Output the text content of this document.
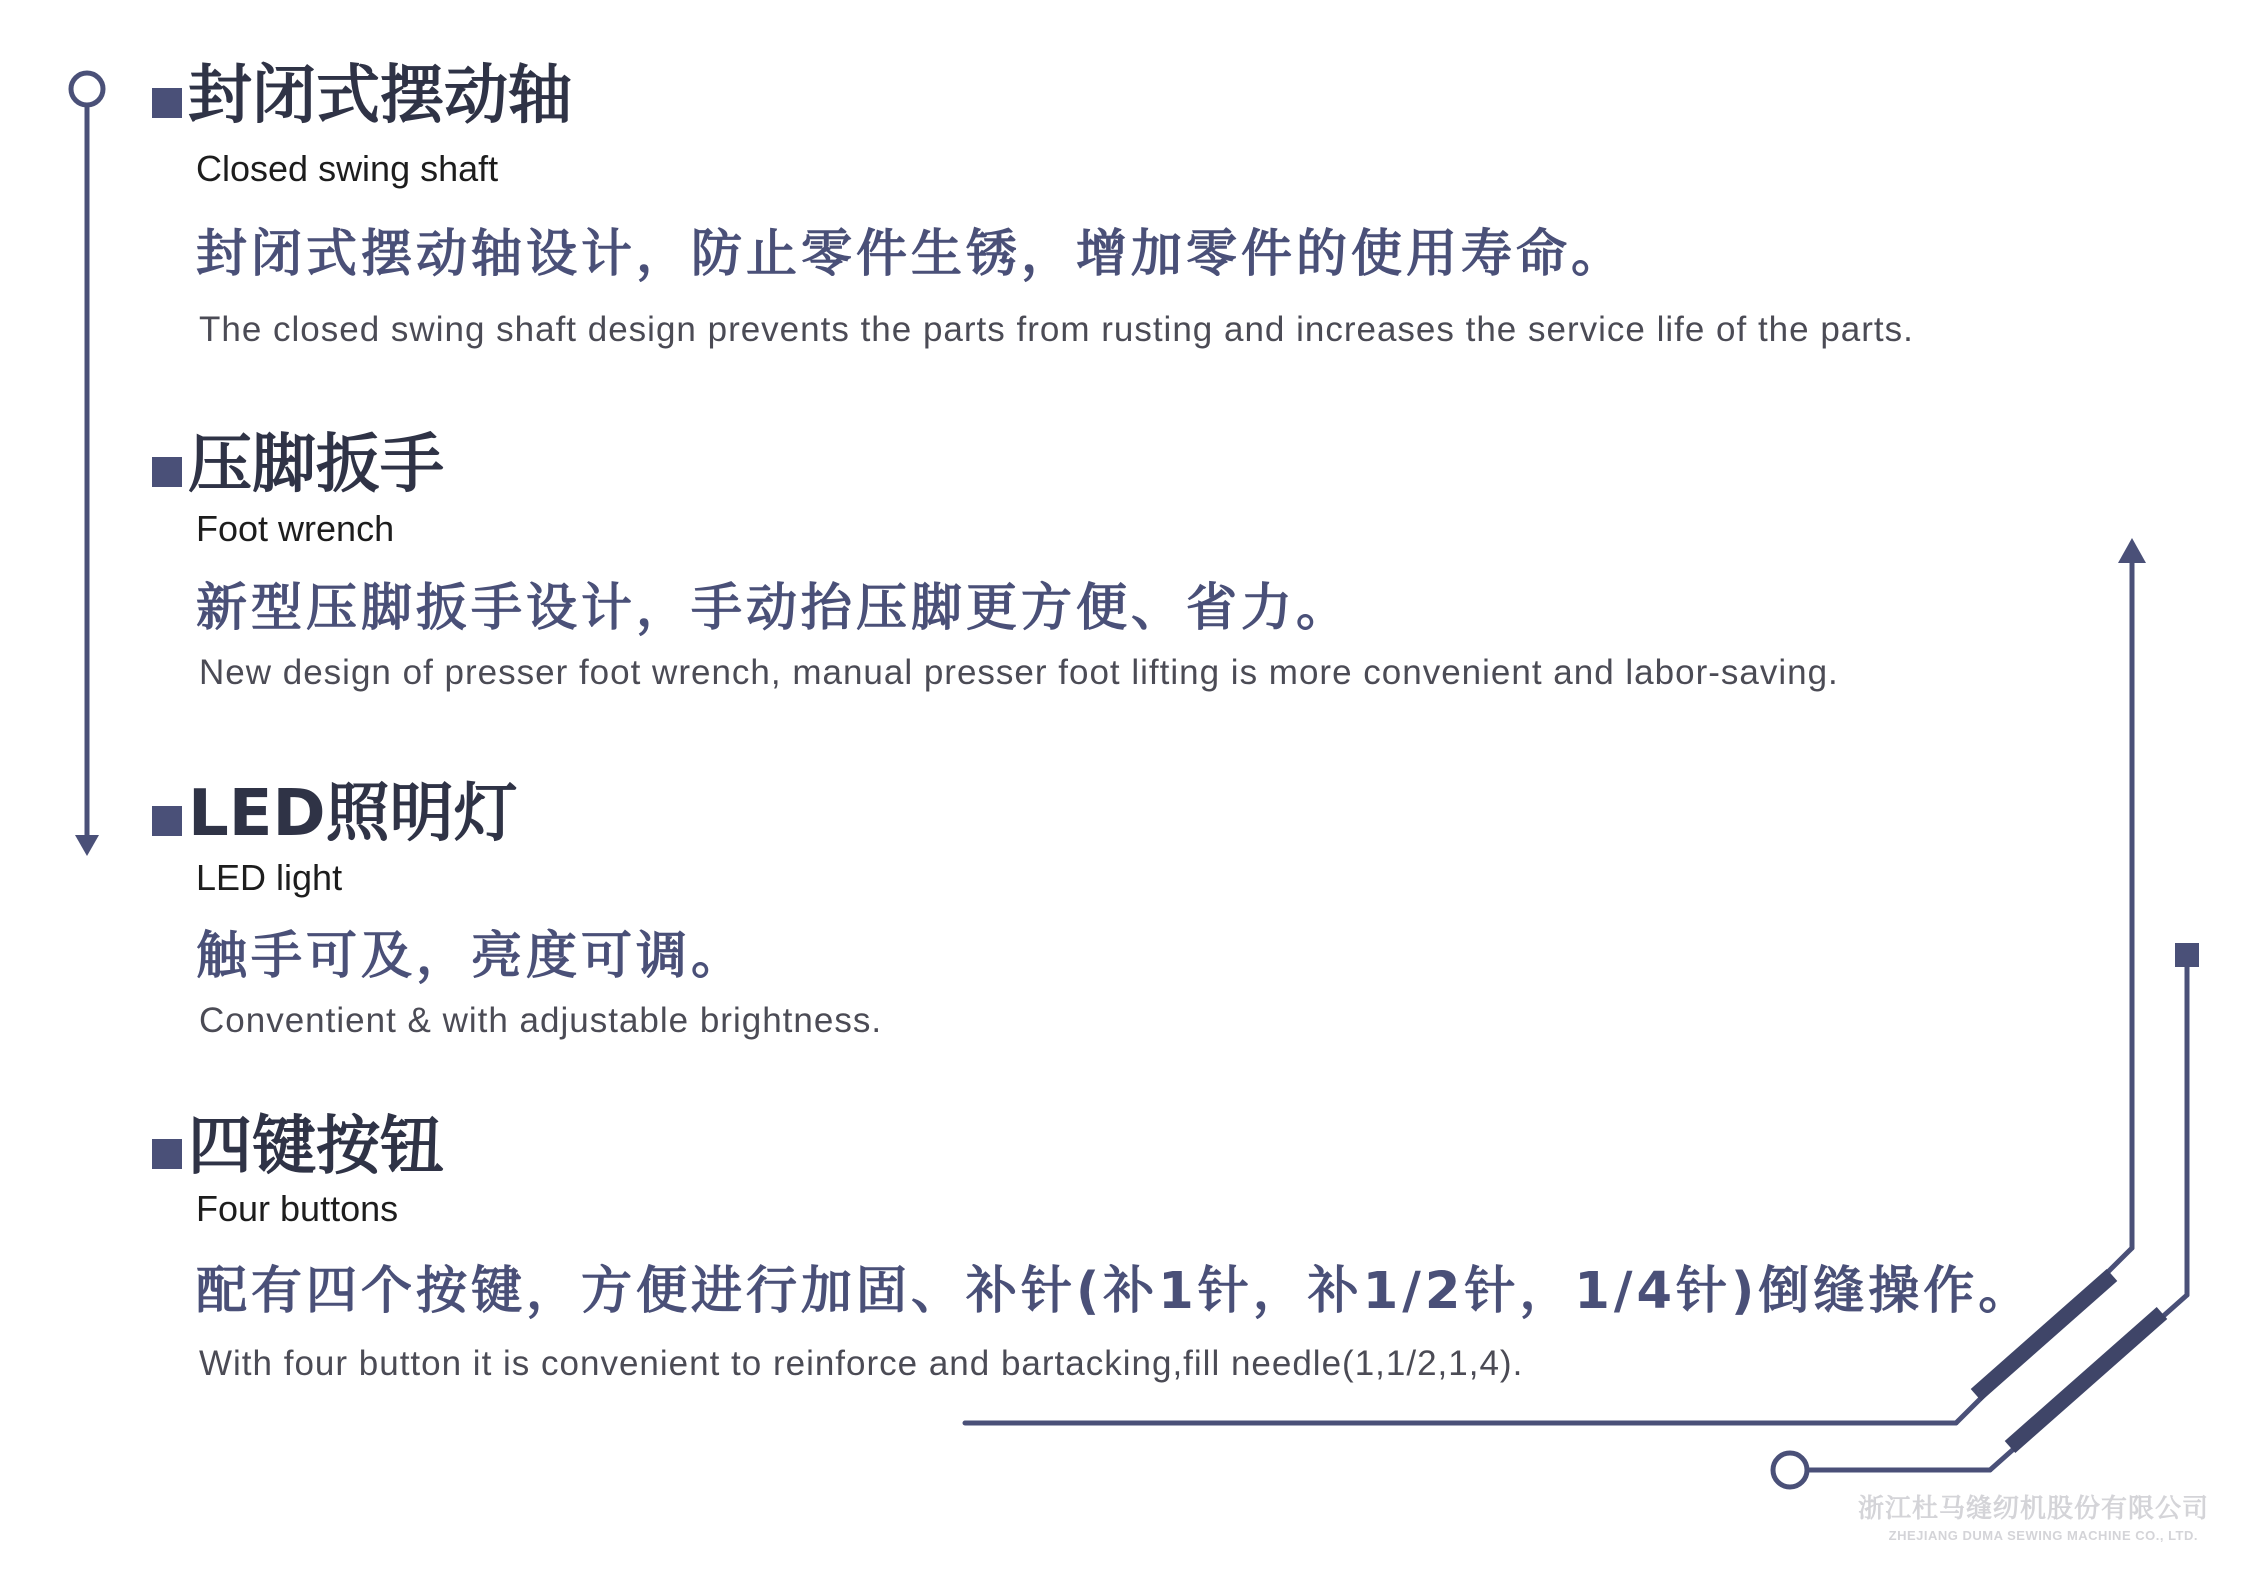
封闭式摆动轴

Closed swing shaft

封闭式摆动轴设计，防止零件生锈，增加零件的使用寿命。

The closed swing shaft design prevents the parts from rusting and increases the service life of the parts.

压脚扳手

Foot wrench

新型压脚扳手设计，手动抬压脚更方便、省力。

New design of presser foot wrench, manual presser foot lifting is more convenient and labor-saving.

LED照明灯

LED light

触手可及，亮度可调。

Conventient & with adjustable brightness.

四键按钮

Four buttons

配有四个按键，方便进行加固、补针(补1针，补1/2针，1/4针)倒缝操作。

With four button it is convenient to reinforce and bartacking,fill needle(1,1/2,1,4).

浙江杜马缝纫机股份有限公司
ZHEJIANG DUMA SEWING MACHINE CO., LTD.
